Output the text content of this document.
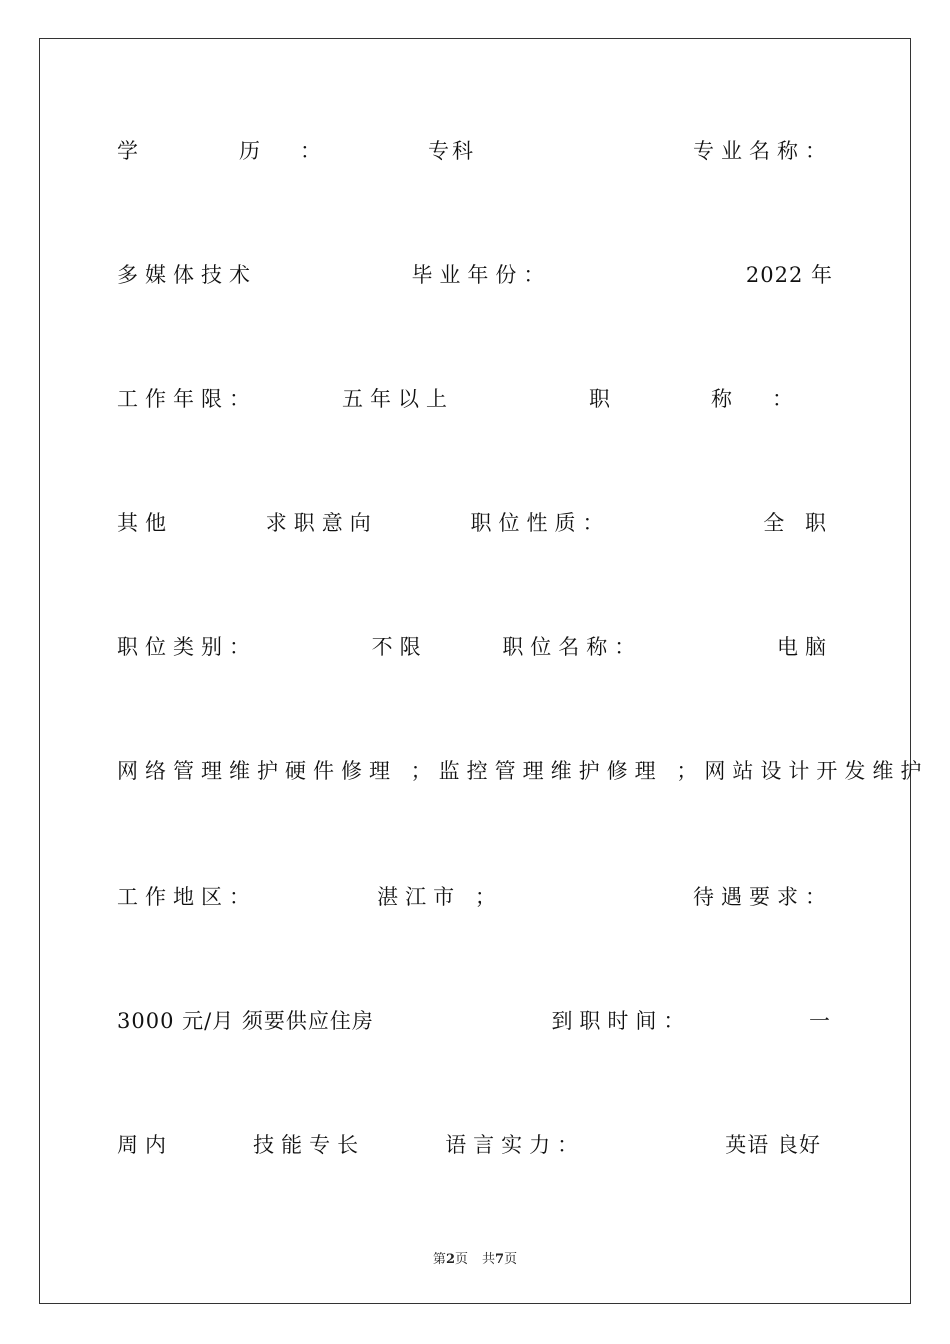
学　历：	专科	专业名称：
多媒体技术	毕业年份：	2022 年
工作年限：	五年以上	职　称：
其他	求职意向	职位性质：	全 职
职位类别：	不限	职位名称：	电脑
网络管理维护硬件修理 ；监控管理维护修理 ；网站设计开发维护
工作地区：	湛江市 ；	待遇要求：
3000 元/月 须要供应住房	到职时间：	一
周内	技能专长	语言实力：	英语 良好
第2页 共7页
